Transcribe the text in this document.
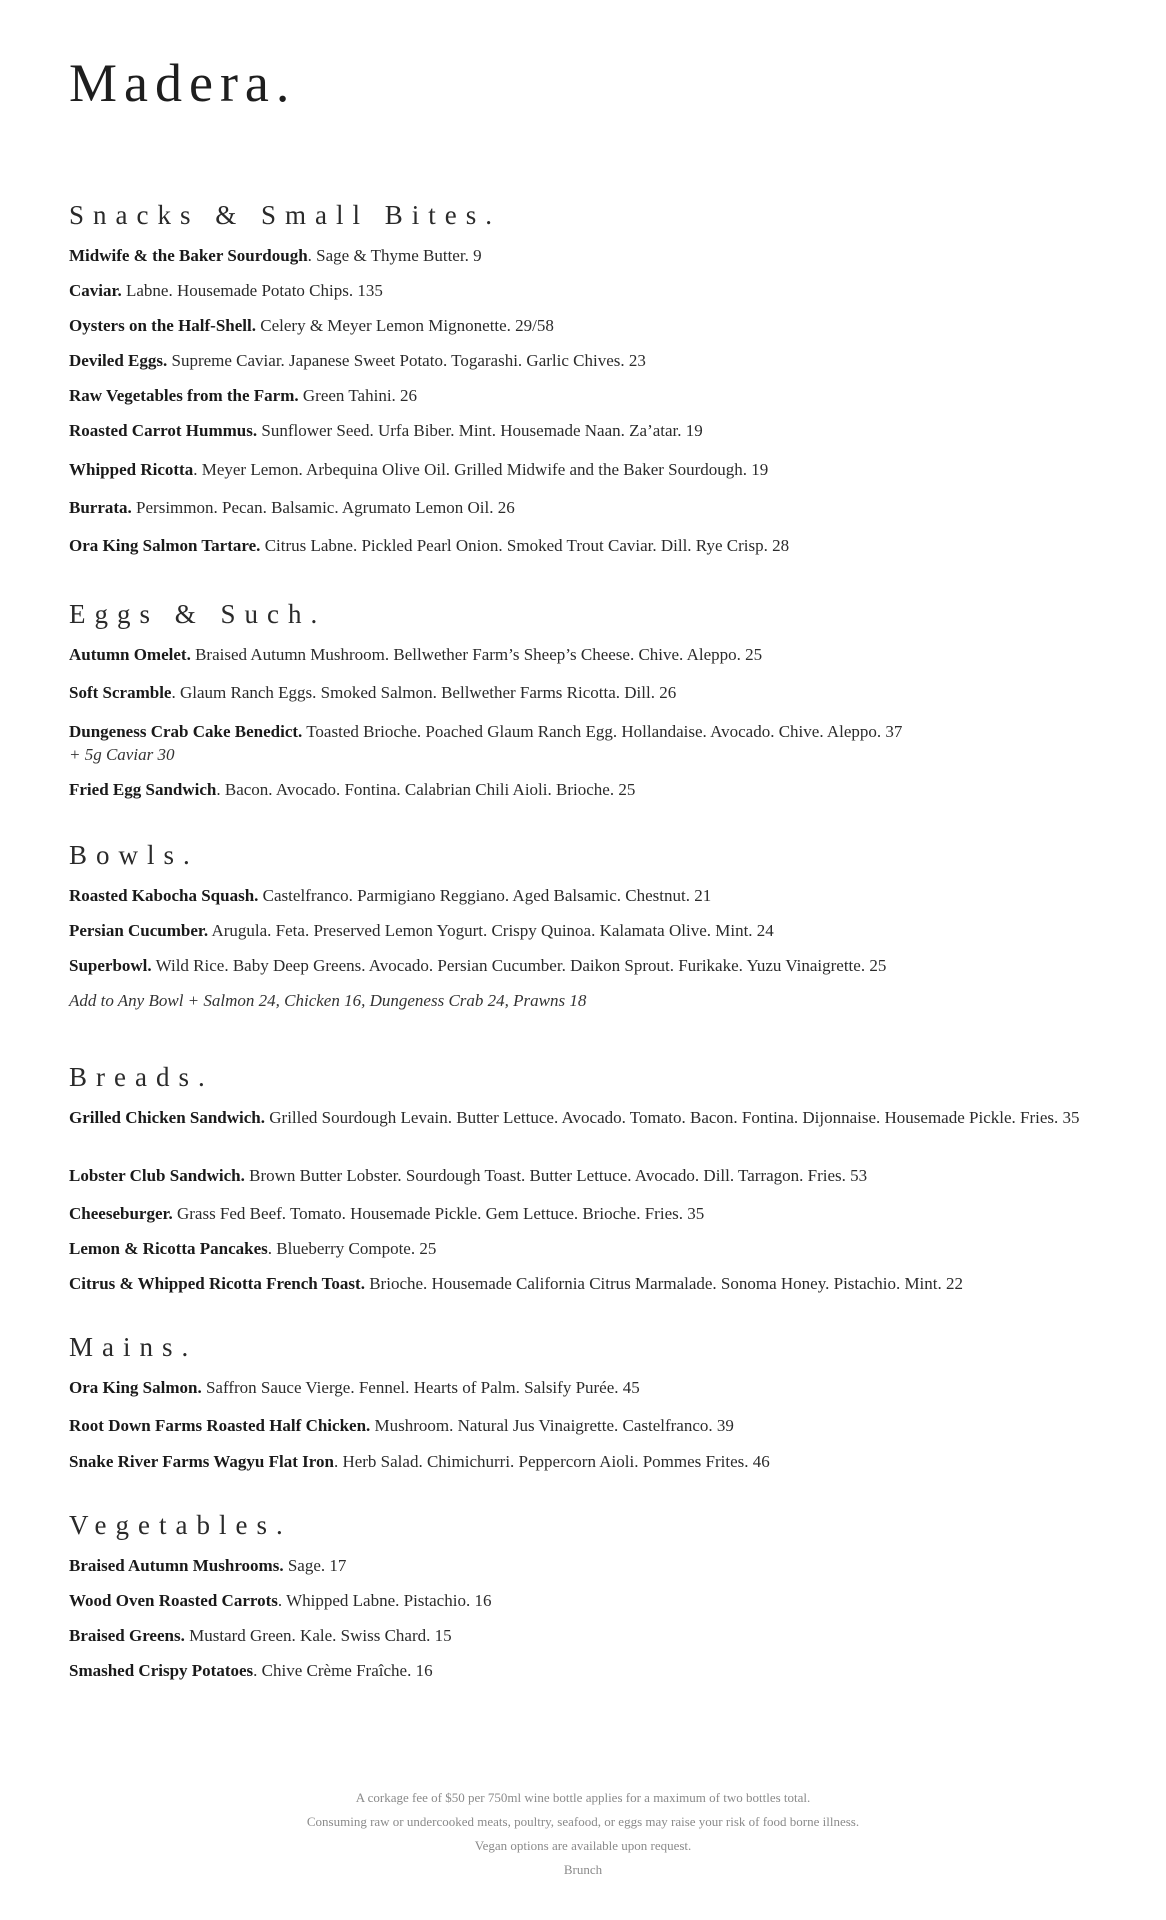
Madera.
Snacks & Small Bites.
Midwife & the Baker Sourdough. Sage & Thyme Butter. 9
Caviar. Labne. Housemade Potato Chips. 135
Oysters on the Half-Shell. Celery & Meyer Lemon Mignonette. 29/58
Deviled Eggs. Supreme Caviar. Japanese Sweet Potato. Togarashi. Garlic Chives. 23
Raw Vegetables from the Farm. Green Tahini. 26
Roasted Carrot Hummus. Sunflower Seed. Urfa Biber. Mint. Housemade Naan. Za’atar. 19
Whipped Ricotta. Meyer Lemon. Arbequina Olive Oil. Grilled Midwife and the Baker Sourdough. 19
Burrata. Persimmon. Pecan. Balsamic. Agrumato Lemon Oil. 26
Ora King Salmon Tartare. Citrus Labne. Pickled Pearl Onion. Smoked Trout Caviar. Dill. Rye Crisp. 28
Eggs & Such.
Autumn Omelet. Braised Autumn Mushroom. Bellwether Farm’s Sheep’s Cheese. Chive. Aleppo. 25
Soft Scramble. Glaum Ranch Eggs. Smoked Salmon. Bellwether Farms Ricotta. Dill. 26
Dungeness Crab Cake Benedict. Toasted Brioche. Poached Glaum Ranch Egg. Hollandaise. Avocado. Chive. Aleppo. 37
+ 5g Caviar 30
Fried Egg Sandwich. Bacon. Avocado. Fontina. Calabrian Chili Aioli. Brioche. 25
Bowls.
Roasted Kabocha Squash. Castelfranco. Parmigiano Reggiano. Aged Balsamic. Chestnut. 21
Persian Cucumber. Arugula. Feta. Preserved Lemon Yogurt. Crispy Quinoa. Kalamata Olive. Mint. 24
Superbowl. Wild Rice. Baby Deep Greens. Avocado. Persian Cucumber. Daikon Sprout. Furikake. Yuzu Vinaigrette. 25
Add to Any Bowl + Salmon 24, Chicken 16, Dungeness Crab 24, Prawns 18
Breads.
Grilled Chicken Sandwich. Grilled Sourdough Levain. Butter Lettuce. Avocado. Tomato. Bacon. Fontina. Dijonnaise. Housemade Pickle. Fries. 35
Lobster Club Sandwich. Brown Butter Lobster. Sourdough Toast. Butter Lettuce. Avocado. Dill. Tarragon. Fries. 53
Cheeseburger. Grass Fed Beef. Tomato. Housemade Pickle. Gem Lettuce. Brioche. Fries. 35
Lemon & Ricotta Pancakes. Blueberry Compote. 25
Citrus & Whipped Ricotta French Toast. Brioche. Housemade California Citrus Marmalade. Sonoma Honey. Pistachio. Mint. 22
Mains.
Ora King Salmon. Saffron Sauce Vierge. Fennel. Hearts of Palm. Salsify Purée. 45
Root Down Farms Roasted Half Chicken. Mushroom. Natural Jus Vinaigrette. Castelfranco. 39
Snake River Farms Wagyu Flat Iron. Herb Salad. Chimichurri. Peppercorn Aioli. Pommes Frites. 46
Vegetables.
Braised Autumn Mushrooms. Sage. 17
Wood Oven Roasted Carrots. Whipped Labne. Pistachio. 16
Braised Greens. Mustard Green. Kale. Swiss Chard. 15
Smashed Crispy Potatoes. Chive Crème Fraîche. 16
A corkage fee of $50 per 750ml wine bottle applies for a maximum of two bottles total.
Consuming raw or undercooked meats, poultry, seafood, or eggs may raise your risk of food borne illness.
Vegan options are available upon request.
Brunch
